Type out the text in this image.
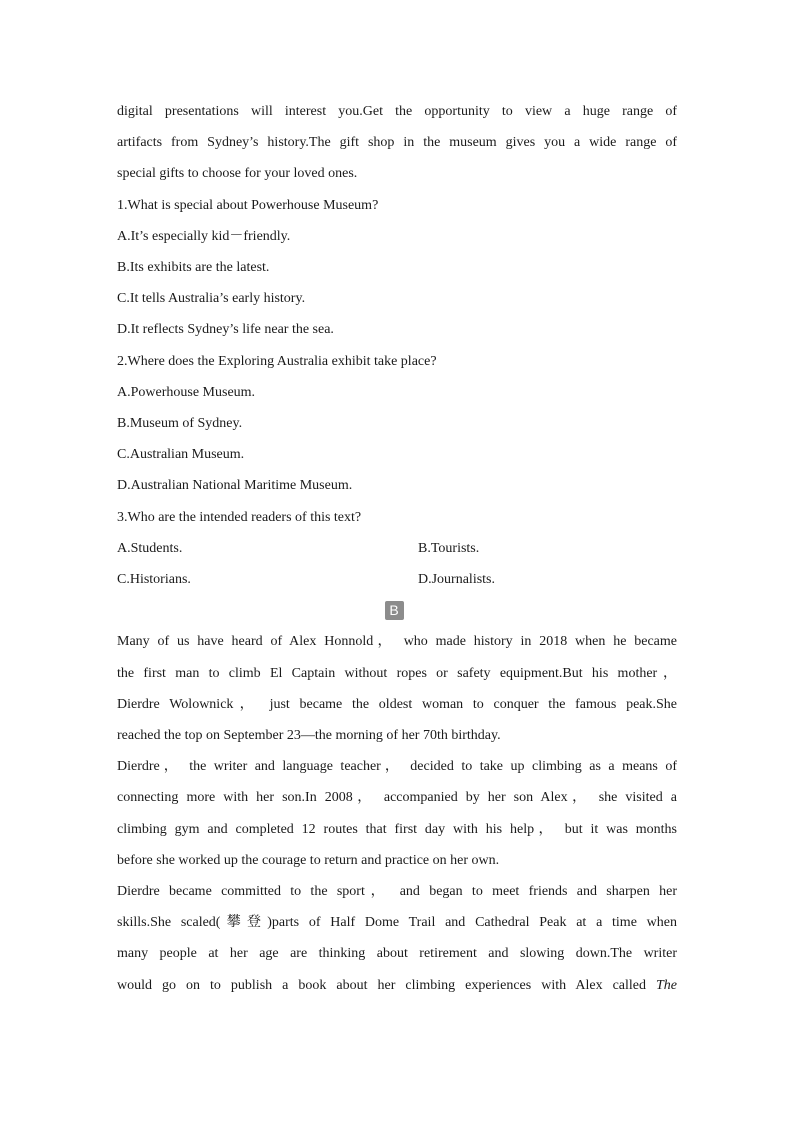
digital presentations will interest you.Get the opportunity to view a huge range of
artifacts from Sydney’s history.The gift shop in the museum gives you a wide range of
special gifts to choose for your loved ones.
1.What is special about Powerhouse Museum?
A.It’s especially kid－friendly.
B.Its exhibits are the latest.
C.It tells Australia’s early history.
D.It reflects Sydney’s life near the sea.
2.Where does the Exploring Australia exhibit take place?
A.Powerhouse Museum.
B.Museum of Sydney.
C.Australian Museum.
D.Australian National Maritime Museum.
3.Who are the intended readers of this text?
A.Students.	B.Tourists.
C.Historians.	D.Journalists.
B
Many of us have heard of Alex Honnold， who made history in 2018 when he became
the first man to climb El Captain without ropes or safety equipment.But his mother，
Dierdre Wolownick， just became the oldest woman to conquer the famous peak.She
reached the top on September 23—the morning of her 70th birthday.
Dierdre， the writer and language teacher， decided to take up climbing as a means of
connecting more with her son.In 2008， accompanied by her son Alex， she visited a
climbing gym and completed 12 routes that first day with his help， but it was months
before she worked up the courage to return and practice on her own.
Dierdre became committed to the sport， and began to meet friends and sharpen her
skills.She scaled(攀登)parts of Half Dome Trail and Cathedral Peak at a time when
many people at her age are thinking about retirement and slowing down.The writer
would go on to publish a book about her climbing experiences with Alex called The
